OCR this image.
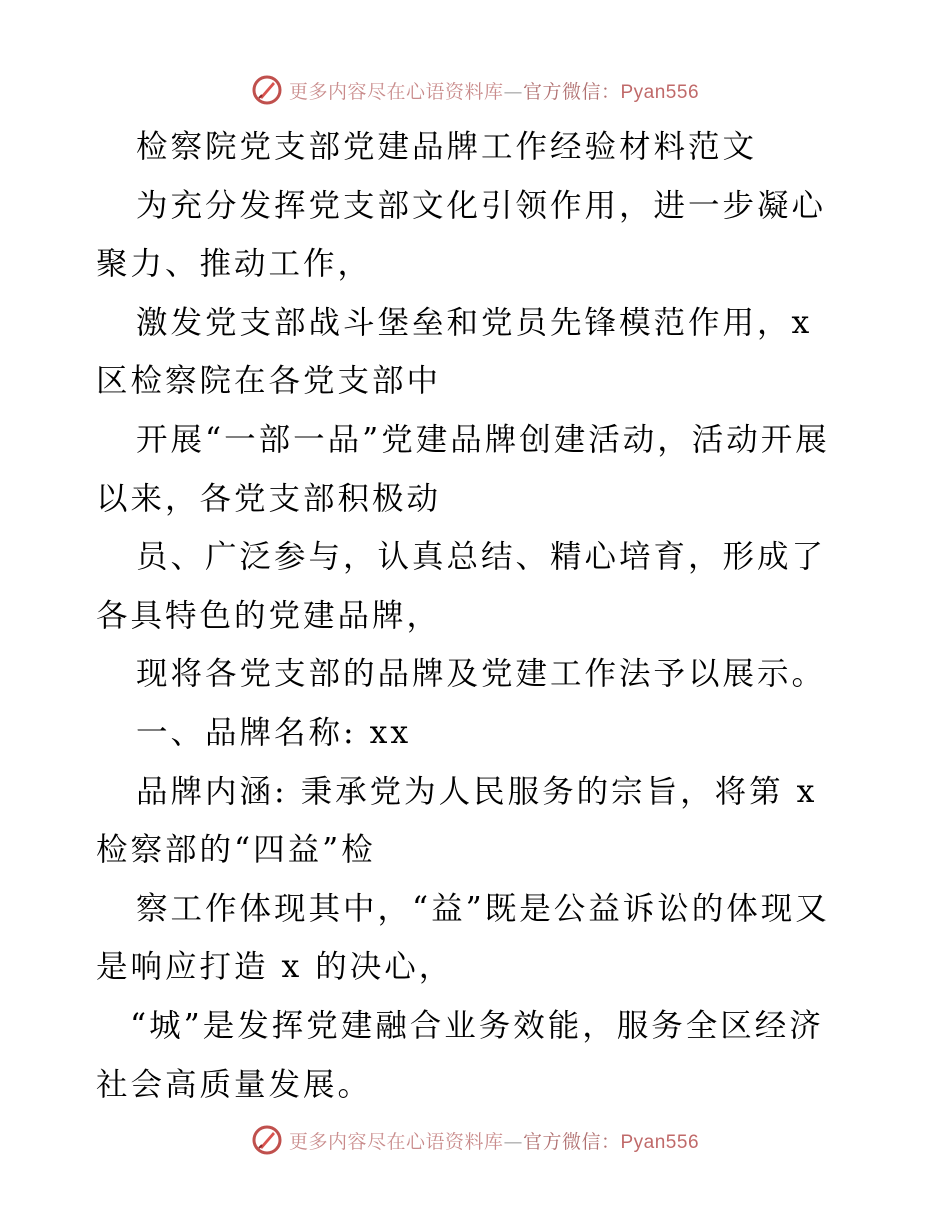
更多内容尽在心语资料库—官方微信：Pyan556

检察院党支部党建品牌工作经验材料范文

为充分发挥党支部文化引领作用，进一步凝心聚力、推动工作，

激发党支部战斗堡垒和党员先锋模范作用，x 区检察院在各党支部中

开展“一部一品”党建品牌创建活动，活动开展以来，各党支部积极动

员、广泛参与，认真总结、精心培育，形成了各具特色的党建品牌，

现将各党支部的品牌及党建工作法予以展示。

一、品牌名称: xx

品牌内涵: 秉承党为人民服务的宗旨，将第 x 检察部的“四益”检

察工作体现其中，“益”既是公益诉讼的体现又是响应打造 x 的决心，

“城”是发挥党建融合业务效能，服务全区经济社会高质量发展。

更多内容尽在心语资料库—官方微信：Pyan556
